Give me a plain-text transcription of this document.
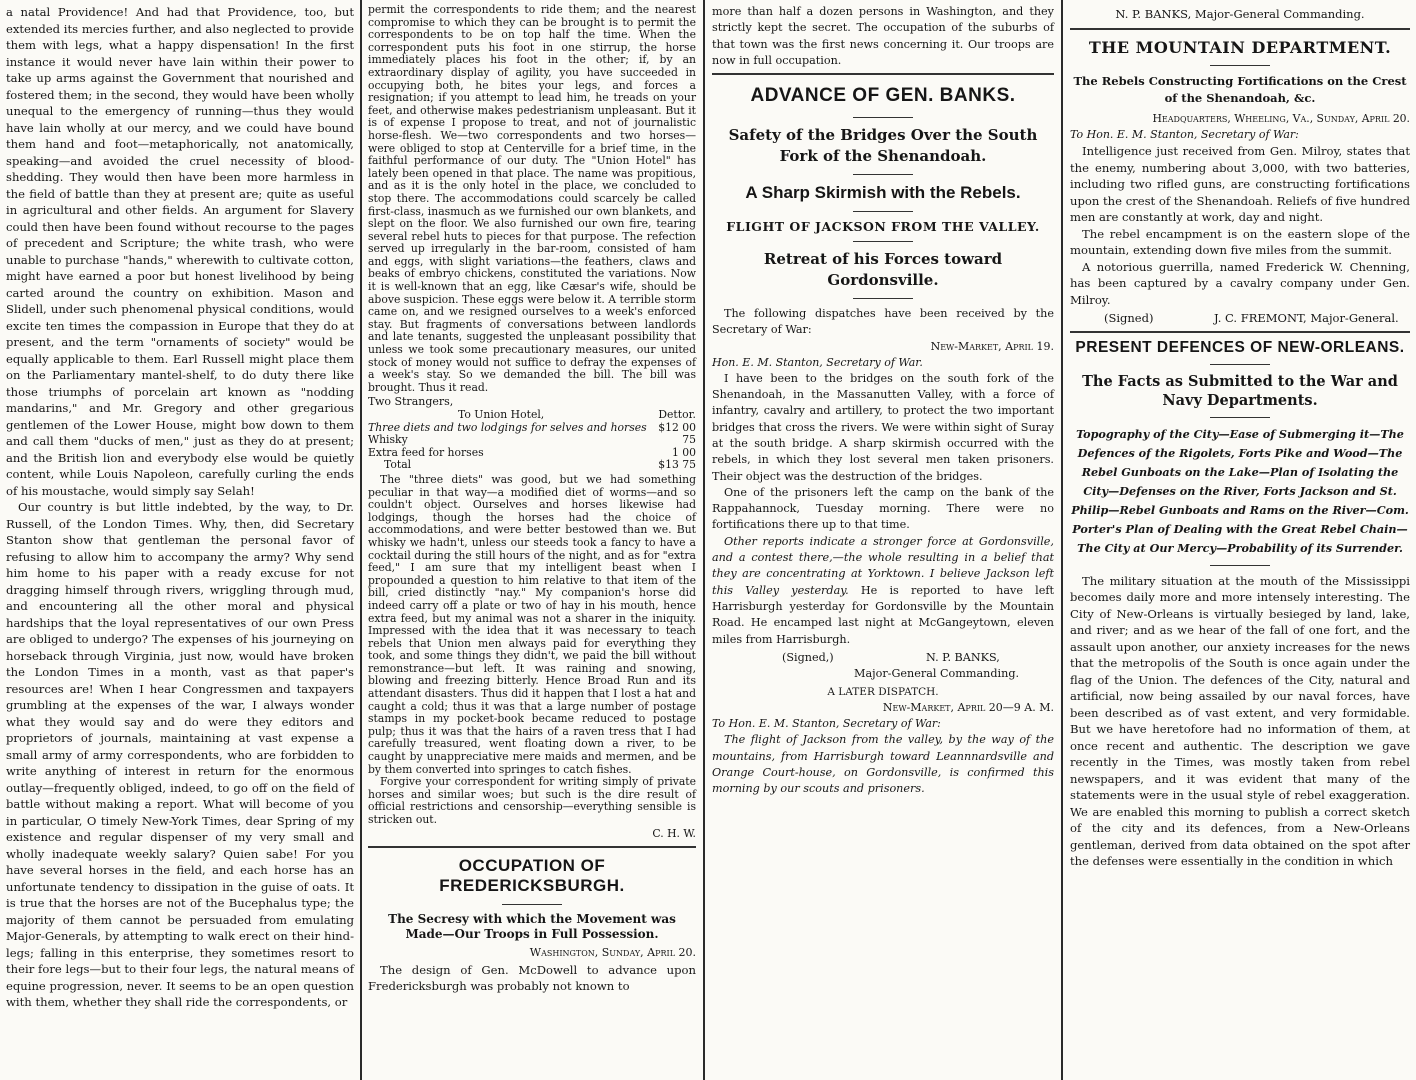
a natal Providence! And had that Providence, too, but extended its mercies further, and also neglected to provide them with legs, what a happy dispensation! In the first instance it would never have lain within their power to take up arms against the Government that nourished and fostered them; in the second, they would have been wholly unequal to the emergency of running—thus they would have lain wholly at our mercy, and we could have bound them hand and foot—metaphorically, not anatomically, speaking—and avoided the cruel necessity of blood-shedding. They would then have been more harmless in the field of battle than they at present are; quite as useful in agricultural and other fields. An argument for Slavery could then have been found without recourse to the pages of precedent and Scripture; the white trash, who were unable to purchase "hands," wherewith to cultivate cotton, might have earned a poor but honest livelihood by being carted around the country on exhibition. Mason and Slidell, under such phenomenal physical conditions, would excite ten times the compassion in Europe that they do at present, and the term "ornaments of society" would be equally applicable to them. Earl Russell might place them on the Parliamentary mantel-shelf, to do duty there like those triumphs of porcelain art known as "nodding mandarins," and Mr. Gregory and other gregarious gentlemen of the Lower House, might bow down to them and call them "ducks of men," just as they do at present; and the British lion and everybody else would be quietly content, while Louis Napoleon, carefully curling the ends of his moustache, would simply say Selah!

Our country is but little indebted, by the way, to Dr. Russell, of the London Times. Why, then, did Secretary Stanton show that gentleman the personal favor of refusing to allow him to accompany the army? Why send him home to his paper with a ready excuse for not dragging himself through rivers, wriggling through mud, and encountering all the other moral and physical hardships that the loyal representatives of our own Press are obliged to undergo? The expenses of his journeying on horseback through Virginia, just now, would have broken the London Times in a month, vast as that paper's resources are! When I hear Congressmen and taxpayers grumbling at the expenses of the war, I always wonder what they would say and do were they editors and proprietors of journals, maintaining at vast expense a small army of army correspondents, who are forbidden to write anything of interest in return for the enormous outlay—frequently obliged, indeed, to go off on the field of battle without making a report. What will become of you in particular, O timely New-York Times, dear Spring of my existence and regular dispenser of my very small and wholly inadequate weekly salary? Quien sabe! For you have several horses in the field, and each horse has an unfortunate tendency to dissipation in the guise of oats. It is true that the horses are not of the Bucephalus type; the majority of them cannot be persuaded from emulating Major-Generals, by attempting to walk erect on their hind-legs; falling in this enterprise, they sometimes resort to their fore legs—but to their four legs, the natural means of equine progression, never. It seems to be an open question with them, whether they shall ride the correspondents, or

permit the correspondents to ride them; and the nearest compromise to which they can be brought is to permit the correspondents to be on top half the time. When the correspondent puts his foot in one stirrup, the horse immediately places his foot in the other; if, by an extraordinary display of agility, you have succeeded in occupying both, he bites your legs, and forces a resignation; if you attempt to lead him, he treads on your feet, and otherwise makes pedestrianism unpleasant. But it is of expense I propose to treat, and not of journalistic horse-flesh. We—two correspondents and two horses—were obliged to stop at Centerville for a brief time, in the faithful performance of our duty. The "Union Hotel" has lately been opened in that place. The name was propitious, and as it is the only hotel in the place, we concluded to stop there. The accommodations could scarcely be called first-class, inasmuch as we furnished our own blankets, and slept on the floor. We also furnished our own fire, tearing several rebel huts to pieces for that purpose. The refection served up irregularly in the bar-room, consisted of ham and eggs, with slight variations—the feathers, claws and beaks of embryo chickens, constituted the variations. Now it is well-known that an egg, like Cæsar's wife, should be above suspicion. These eggs were below it. A terrible storm came on, and we resigned ourselves to a week's enforced stay. But fragments of conversations between landlords and late tenants, suggested the unpleasant possibility that unless we took some precautionary measures, our united stock of money would not suffice to defray the expenses of a week's stay. So we demanded the bill. The bill was brought. Thus it read.

Two Strangers,
To Union Hotel,	Dettor.
Three diets and two lodgings for selves and horses	$12 00
Whisky	75
Extra feed for horses	1 00
Total	$13 75

The "three diets" was good, but we had something peculiar in that way—a modified diet of worms—and so couldn't object. Ourselves and horses likewise had lodgings, though the horses had the choice of accommodations, and were better bestowed than we. But whisky we hadn't, unless our steeds took a fancy to have a cocktail during the still hours of the night, and as for "extra feed," I am sure that my intelligent beast when I propounded a question to him relative to that item of the bill, cried distinctly "nay." My companion's horse did indeed carry off a plate or two of hay in his mouth, hence extra feed, but my animal was not a sharer in the iniquity. Impressed with the idea that it was necessary to teach rebels that Union men always paid for everything they took, and some things they didn't, we paid the bill without remonstrance—but left. It was raining and snowing, blowing and freezing bitterly. Hence Broad Run and its attendant disasters. Thus did it happen that I lost a hat and caught a cold; thus it was that a large number of postage stamps in my pocket-book became reduced to postage pulp; thus it was that the hairs of a raven tress that I had carefully treasured, went floating down a river, to be caught by unappreciative mere maids and mermen, and be by them converted into springes to catch fishes.

Forgive your correspondent for writing simply of private horses and similar woes; but such is the dire result of official restrictions and censorship—everything sensible is stricken out.

C. H. W.
OCCUPATION OF FREDERICKSBURGH.
The Secresy with which the Movement was Made—Our Troops in Full Possession.
Washington, Sunday, April 20.

The design of Gen. McDowell to advance upon Fredericksburgh was probably not known to

more than half a dozen persons in Washington, and they strictly kept the secret. The occupation of the suburbs of that town was the first news concerning it. Our troops are now in full occupation.

ADVANCE OF GEN. BANKS.
Safety of the Bridges Over the South Fork of the Shenandoah.
A Sharp Skirmish with the Rebels.
FLIGHT OF JACKSON FROM THE VALLEY.
Retreat of his Forces toward Gordonsville.

The following dispatches have been received by the Secretary of War:

New-Market, April 19.
Hon. E. M. Stanton, Secretary of War.

I have been to the bridges on the south fork of the Shenandoah, in the Massanutten Valley, with a force of infantry, cavalry and artillery, to protect the two important bridges that cross the rivers. We were within sight of Suray at the south bridge. A sharp skirmish occurred with the rebels, in which they lost several men taken prisoners. Their object was the destruction of the bridges.

One of the prisoners left the camp on the bank of the Rappahannock, Tuesday morning. There were no fortifications there up to that time.

Other reports indicate a stronger force at Gordonsville, and a contest there,—the whole resulting in a belief that they are concentrating at Yorktown. I believe Jackson left this Valley yesterday. He is reported to have left Harrisburgh yesterday for Gordonsville by the Mountain Road. He encamped last night at McGangeytown, eleven miles from Harrisburgh.

(Signed,)	N. P. BANKS,
Major-General Commanding.
A LATER DISPATCH.
New-Market, April 20—9 A. M.
To Hon. E. M. Stanton, Secretary of War:

The flight of Jackson from the valley, by the way of the mountains, from Harrisburgh toward Leannnardsville and Orange Court-house, on Gordonsville, is confirmed this morning by our scouts and prisoners.

N. P. BANKS, Major-General Commanding.
THE MOUNTAIN DEPARTMENT.
The Rebels Constructing Fortifications on the Crest of the Shenandoah, &c.
Headquarters, Wheeling, Va., Sunday, April 20.
To Hon. E. M. Stanton, Secretary of War:

Intelligence just received from Gen. Milroy, states that the enemy, numbering about 3,000, with two batteries, including two rifled guns, are constructing fortifications upon the crest of the Shenandoah. Reliefs of five hundred men are constantly at work, day and night.

The rebel encampment is on the eastern slope of the mountain, extending down five miles from the summit.

A notorious guerrilla, named Frederick W. Chenning, has been captured by a cavalry company under Gen. Milroy.

(Signed)	J. C. FREMONT, Major-General.
PRESENT DEFENCES OF NEW-ORLEANS.
The Facts as Submitted to the War and Navy Departments.
Topography of the City—Ease of Submerging it—The Defences of the Rigolets, Forts Pike and Wood—The Rebel Gunboats on the Lake—Plan of Isolating the City—Defenses on the River, Forts Jackson and St. Philip—Rebel Gunboats and Rams on the River—Com. Porter's Plan of Dealing with the Great Rebel Chain—The City at Our Mercy—Probability of its Surrender.

The military situation at the mouth of the Mississippi becomes daily more and more intensely interesting. The City of New-Orleans is virtually besieged by land, lake, and river; and as we hear of the fall of one fort, and the assault upon another, our anxiety increases for the news that the metropolis of the South is once again under the flag of the Union. The defences of the City, natural and artificial, now being assailed by our naval forces, have been described as of vast extent, and very formidable. But we have heretofore had no information of them, at once recent and authentic. The description we gave recently in the Times, was mostly taken from rebel newspapers, and it was evident that many of the statements were in the usual style of rebel exaggeration. We are enabled this morning to publish a correct sketch of the city and its defences, from a New-Orleans gentleman, derived from data obtained on the spot after the defenses were essentially in the condition in which
